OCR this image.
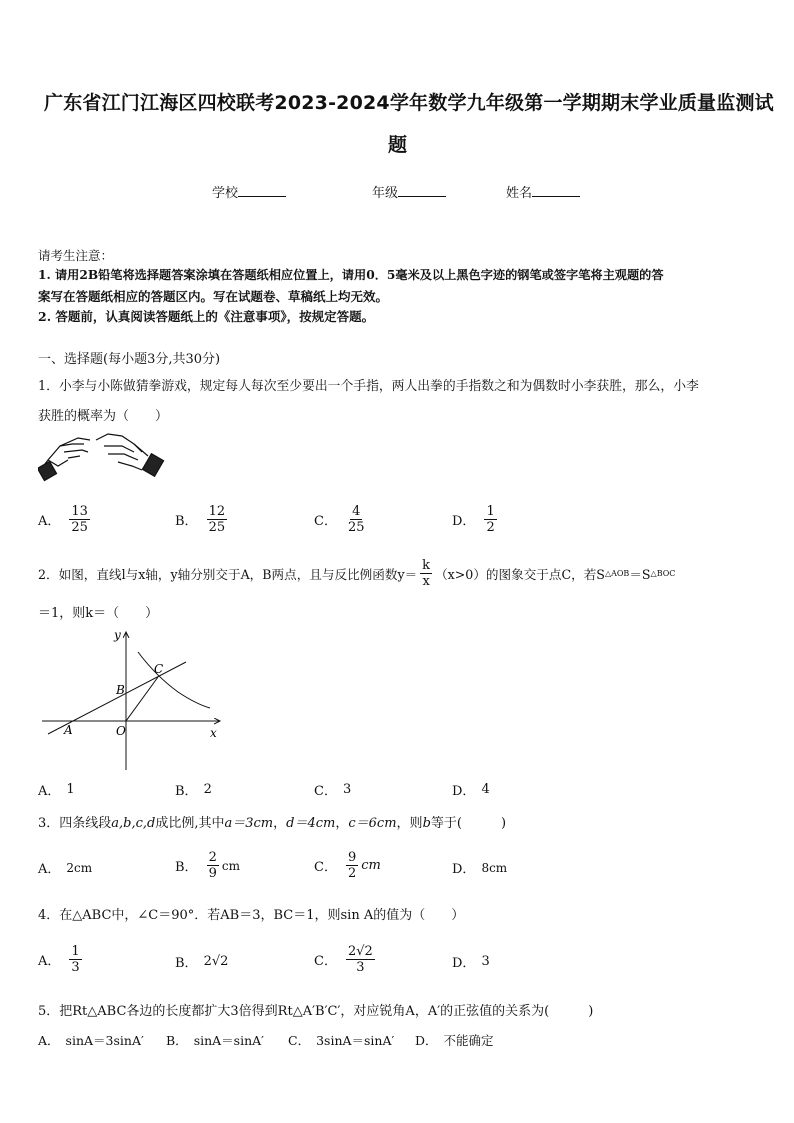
广东省江门江海区四校联考2023-2024学年数学九年级第一学期期末学业质量监测试
题
学校	年级	姓名
请考生注意：
1. 请用2B铅笔将选择题答案涂填在答题纸相应位置上，请用0．5毫米及以上黑色字迹的钢笔或签字笔将主观题的答
案写在答题纸相应的答题区内。写在试题卷、草稿纸上均无效。
2. 答题前，认真阅读答题纸上的《注意事项》，按规定答题。
一、选择题(每小题3分,共30分)
1．小李与小陈做猜拳游戏，规定每人每次至少要出一个手指，两人出拳的手指数之和为偶数时小李获胜，那么，小李
获胜的概率为（　　）
A． $\frac{13}{25}$	B． $\frac{12}{25}$	C． $\frac{4}{25}$	D． $\frac{1}{2}$
2．如图，直线l与x轴，y轴分别交于A，B两点，且与反比例函数$y= \frac{k}{x} (x>0)$的图象交于点C，若S △AOB ＝S △BOC
＝1，则k＝（　　）
y
x
A
B
C
O
A． 1	B． 2	C． 3	D． 4
3．四条线段a,b,c,d成比例,其中a＝3cm，d＝4cm，c＝6cm，则b等于(　　　)
A． 2cm	B． $\frac{2}{9}$ cm	C． $\frac{9}{2}$ cm	D． 8cm
4．在△ABC中，∠C＝90°．若AB＝3，BC＝1，则sin A的值为（　　）
A． $\frac{1}{3}$	B． 2√2	C． $\frac{2√2}{3}$	D． 3
5．把Rt△ABC各边的长度都扩大3倍得到Rt△A′B′C′，对应锐角A，A′的正弦值的关系为(　　　)
A． sinA＝3sinA′ B． sinA＝sinA′ C． 3sinA＝sinA′ D． 不能确定
